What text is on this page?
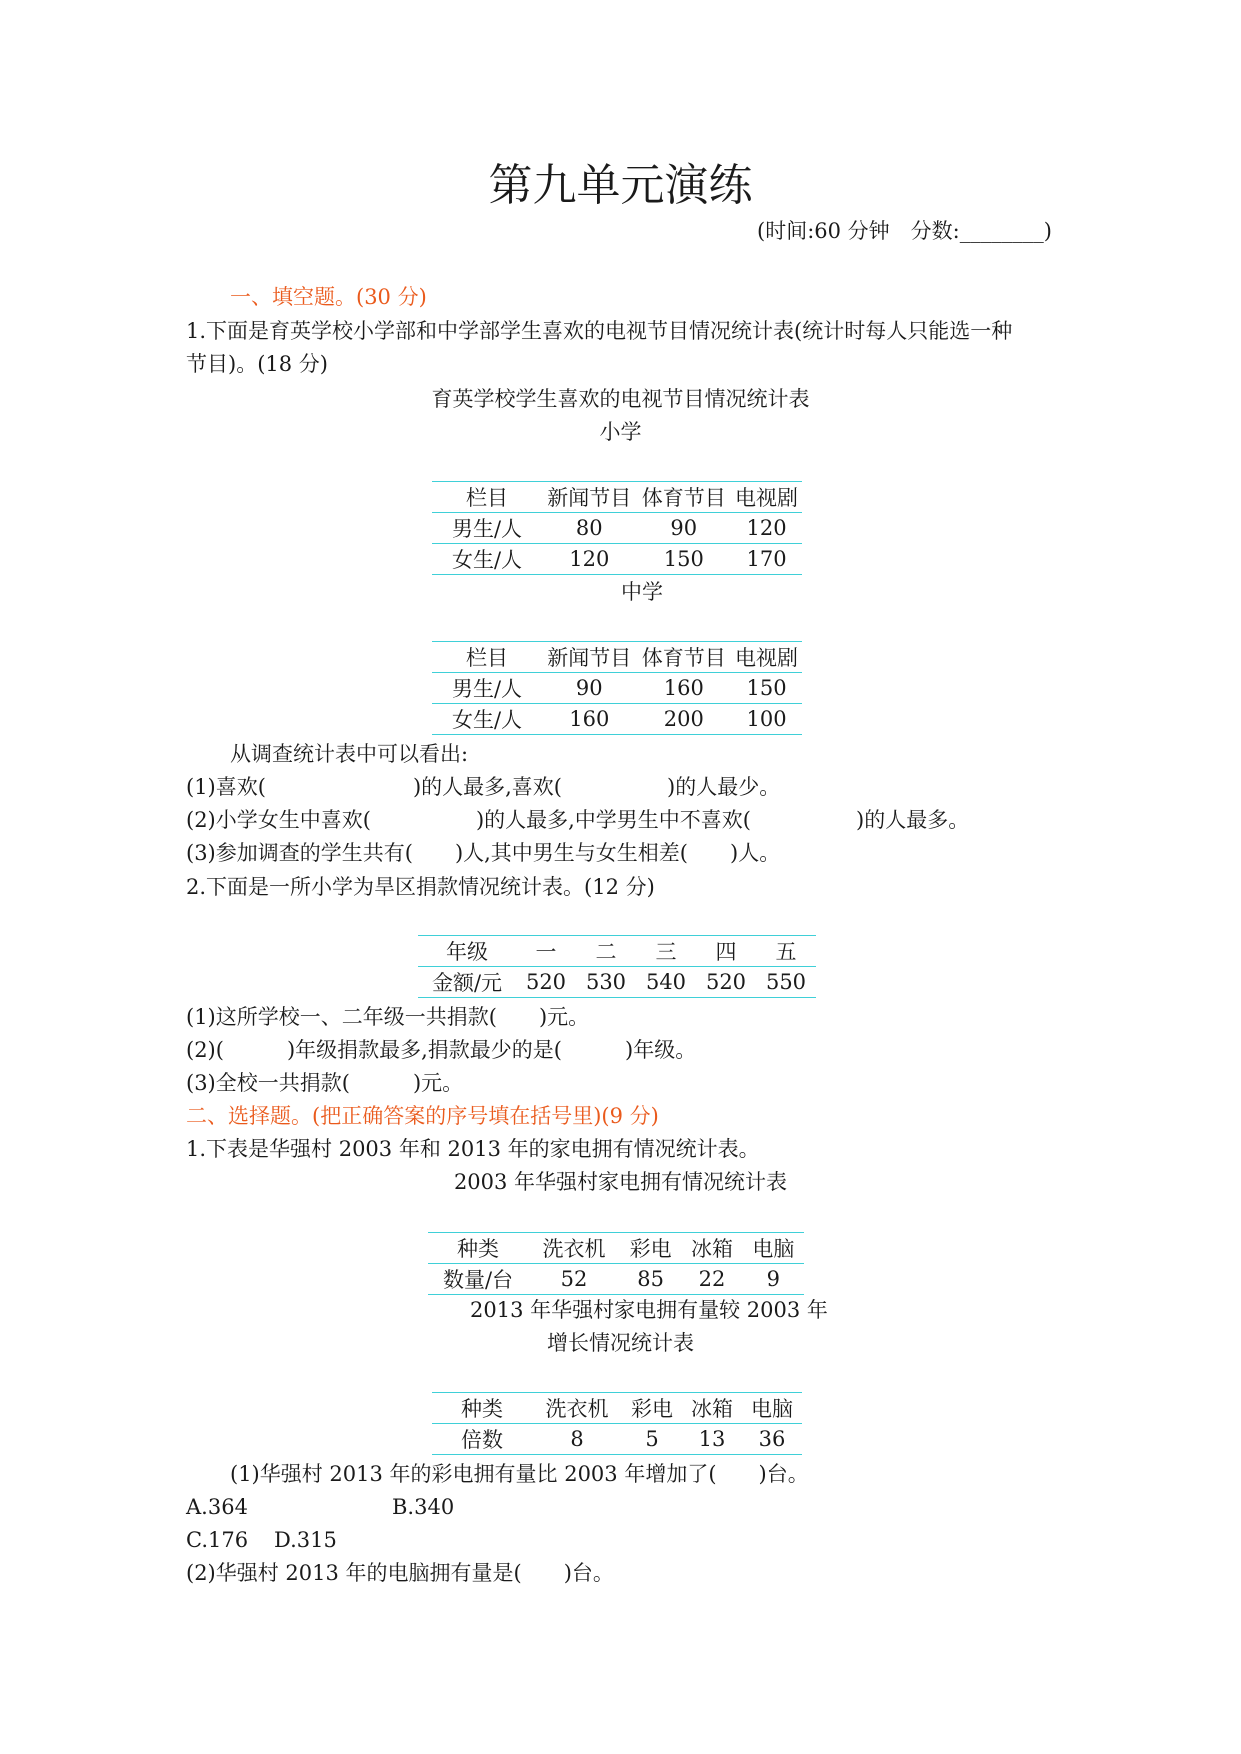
第九单元演练
(时间:60 分钟　分数:________)
一、填空题。(30 分)
1.下面是育英学校小学部和中学部学生喜欢的电视节目情况统计表(统计时每人只能选一种
节目)。(18 分)
育英学校学生喜欢的电视节目情况统计表
小学
栏目	新闻节目	体育节目	电视剧
男生/人	80	90	120
女生/人	120	150	170
中学
栏目	新闻节目	体育节目	电视剧
男生/人	90	160	150
女生/人	160	200	100
从调查统计表中可以看出:
(1)喜欢(　　　　　　　)的人最多,喜欢(　　　　　)的人最少。
(2)小学女生中喜欢(　　　　　)的人最多,中学男生中不喜欢(　　　　　)的人最多。
(3)参加调查的学生共有(　　)人,其中男生与女生相差(　　)人。
2.下面是一所小学为旱区捐款情况统计表。(12 分)
年级	一	二	三	四	五
金额/元	520	530	540	520	550
(1)这所学校一、二年级一共捐款(　　)元。
(2)(　　　)年级捐款最多,捐款最少的是(　　　)年级。
(3)全校一共捐款(　　　)元。
二、选择题。(把正确答案的序号填在括号里)(9 分)
1.下表是华强村 2003 年和 2013 年的家电拥有情况统计表。
2003 年华强村家电拥有情况统计表
种类	洗衣机	彩电	冰箱	电脑
数量/台	52	85	22	9
2013 年华强村家电拥有量较 2003 年
增长情况统计表
种类	洗衣机	彩电	冰箱	电脑
倍数	8	5	13	36
(1)华强村 2013 年的彩电拥有量比 2003 年增加了(　　)台。
A.364	B.340
C.176 D.315
(2)华强村 2013 年的电脑拥有量是(　　)台。
